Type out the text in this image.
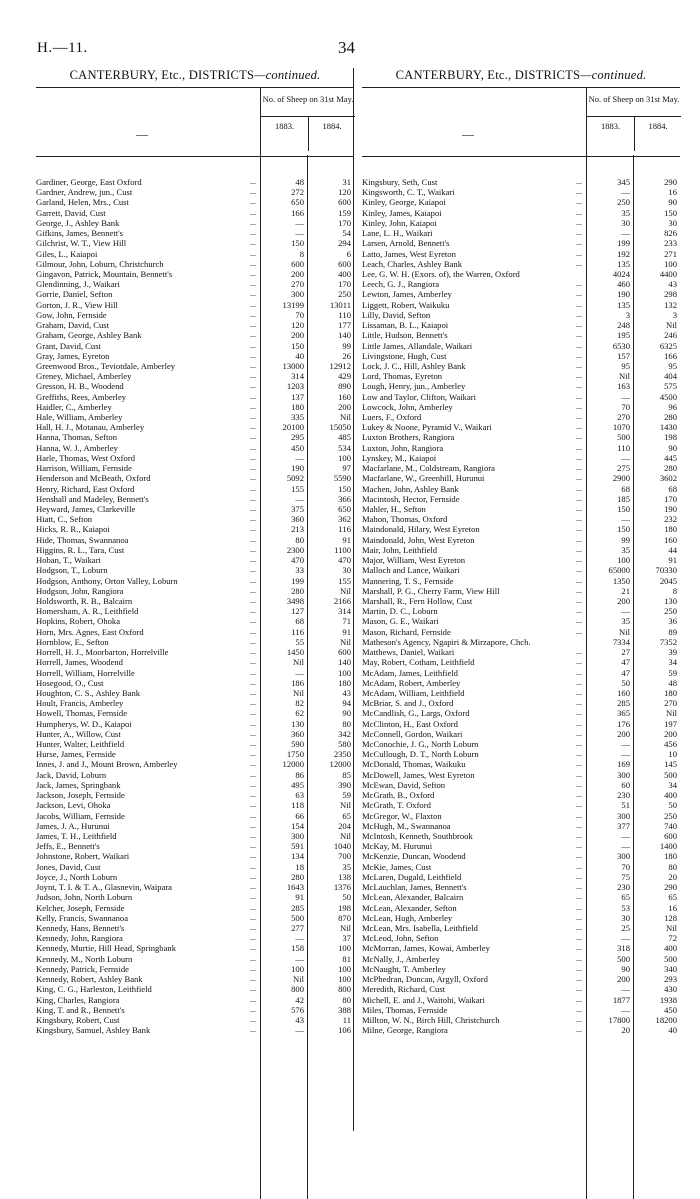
H.—11.	34
CANTERBURY, Etc., DISTRICTS—continued.
—
No. of Sheep on 31st May.
1883.	1884.
Gardiner, George, East Oxford	...	48	31
Gardner, Andrew, jun., Cust	...	272	120
Garland, Helen, Mrs., Cust	...	650	600
Garrett, David, Cust	...	166	159
George, J., Ashley Bank	...	—	170
Gifkins, James, Bennett's	...	—	54
Gilchrist, W. T., View Hill	...	150	294
Giles, L., Kaiapoi	...	8	6
Gilmour, John, Loburn, Christchurch	...	600	600
Gingavon, Patrick, Mountain, Bennett's	...	200	400
Glendinning, J., Waikari	...	270	170
Gorrie, Daniel, Sefton	...	300	250
Gorton, J. R., View Hill	...	13199	13011
Gow, John, Fernside	...	70	110
Graham, David, Cust	...	120	177
Graham, George, Ashley Bank	...	200	140
Grant, David, Cust	...	150	99
Gray, James, Eyreton	...	40	26
Greenwood Bros., Teviotdale, Amberley	...	13000	12912
Greney, Michael, Amberley	...	314	429
Gresson, H. B., Woodend	...	1203	890
Greffiths, Rees, Amberley	...	137	160
Haidler, C., Amberley	...	180	200
Hale, William, Amberley	...	335	Nil
Hall, H. J., Motanau, Amberley	...	20100	15050
Hanna, Thomas, Sefton	...	295	485
Hanna, W. J., Amberley	...	450	534
Harle, Thomas, West Oxford	...	—	100
Harrison, William, Fernside	...	190	97
Henderson and McBeath, Oxford	...	5092	5590
Henry, Richard, East Oxford	...	155	150
Henshall and Madeley, Bennett's	...	—	366
Heyward, James, Clarkeville	...	375	650
Hiatt, C., Sefton	...	360	362
Hicks, R. R., Kaiapoi	...	213	116
Hide, Thomas, Swannanoa	...	80	91
Higgins, R. L., Tara, Cust	...	2300	1100
Hoban, T., Waikari	...	470	470
Hodgson, T., Loburn	...	33	30
Hodgson, Anthony, Orton Valley, Loburn	...	199	155
Hodgson, John, Rangiora	...	280	Nil
Holdsworth, R. B., Balcairn	...	3498	2166
Homersham, A. R., Leithfield	...	127	314
Hopkins, Robert, Ohoka	...	68	71
Horn, Mrs. Agnes, East Oxford	...	116	91
Hornblow, E., Sefton	...	55	Nil
Horrell, H. J., Moorbarton, Horrelville	...	1450	600
Horrell, James, Woodend	...	Nil	140
Horrell, William, Horrelville	...	—	100
Hosegood, O., Cust	...	186	180
Houghton, C. S., Ashley Bank	...	Nil	43
Hoult, Francis, Amberley	...	82	94
Howell, Thomas, Fernside	...	62	90
Humpherys, W. D., Kaiapoi	...	130	80
Hunter, A., Willow, Cust	...	360	342
Hunter, Walter, Leithfield	...	590	580
Hurse, James, Fernside	...	1750	2350
Innes, J. and J., Mount Brown, Amberley	...	12000	12000
Jack, David, Loburn	...	86	85
Jack, James, Springbank	...	495	390
Jackson, Joseph, Fernside	...	63	59
Jackson, Levi, Ohoka	...	118	Nil
Jacobs, William, Fernside	...	66	65
James, J. A., Hurunui	...	154	204
James, T. H., Leithfield	...	300	Nil
Jeffs, E., Bennett's	...	591	1040
Johnstone, Robert, Waikari	...	134	700
Jones, David, Cust	...	18	35
Joyce, J., North Loburn	...	280	138
Joynt, T. I. & T. A., Glasnevin, Waipara	...	1643	1376
Judson, John, North Loburn	...	91	50
Kelcher, Joseph, Fernside	...	285	198
Kelly, Francis, Swannanoa	...	500	870
Kennedy, Hans, Bennett's	...	277	Nil
Kennedy, John, Rangiora	...	—	37
Kennedy, Murtie, Hill Head, Springbank	...	158	100
Kennedy, M., North Loburn	...	—	81
Kennedy, Patrick, Fernside	...	100	100
Kennedy, Robert, Ashley Bank	...	Nil	100
King, C. G., Harleston, Leithfield	...	800	800
King, Charles, Rangiora	...	42	80
King, T. and R., Bennett's	...	576	388
Kingsbury, Robert, Cust	...	43	11
Kingsbury, Samuel, Ashley Bank	...	—	106
CANTERBURY, Etc., DISTRICTS—continued.
—
No. of Sheep on 31st May.
1883.	1884.
Kingsbury, Seth, Cust	...	345	290
Kingsworth, C. T., Waikari	...	—	16
Kinley, George, Kaiapoi	...	250	90
Kinley, James, Kaiapoi	...	35	150
Kinley, John, Kaiapoi	...	30	30
Lane, L. H., Waikari	...	—	826
Larsen, Arnold, Bennett's	...	199	233
Latto, James, West Eyreton	...	192	271
Leach, Charles, Ashley Bank	...	135	100
Lee, G. W. H. (Exors. of), the Warren, Oxford	4024	4400
Leech, G. J., Rangiora	...	460	43
Lewton, James, Amberley	...	190	298
Liggett, Robert, Waikuku	...	135	132
Lilly, David, Sefton	...	3	3
Lissaman, B. L., Kaiapoi	...	248	Nil
Little, Hudson, Bennett's	...	195	246
Little James, Allandale, Waikari	...	6530	6325
Livingstone, Hugh, Cust	...	157	166
Lock, J. C., Hill, Ashley Bank	...	95	95
Lord, Thomas, Eyreton	...	Nil	404
Lough, Henry, jun., Amberley	...	163	575
Low and Taylor, Clifton, Waikari	...	—	4500
Lowcock, John, Amberley	...	70	96
Luers, F., Oxford	...	270	280
Lukey & Noone, Pyramid V., Waikari	...	1070	1430
Luxton Brothers, Rangiora	...	500	198
Luxton, John, Rangiora	...	110	90
Lynskey, M., Kaiapoi	...	—	445
Macfarlane, M., Coldstream, Rangiora	...	275	280
Macfarlane, W., Greenhill, Hurunui	...	2900	3602
Machen, John, Ashley Bank	...	68	68
Macintosh, Hector, Fernside	...	185	170
Mahler, H., Sefton	...	150	190
Mahon, Thomas, Oxford	...	—	232
Maindonald, Hilary, West Eyreton	...	150	180
Maindonald, John, West Eyreton	...	99	160
Mair, John, Leithfield	...	35	44
Major, William, West Eyreton	...	100	91
Malloch and Lance, Waikari	...	65000	70330
Mannering, T. S., Fernside	...	1350	2045
Marshall, P. G., Cherry Farm, View Hill	...	21	8
Marshall, R., Fern Hollow, Cust	...	200	130
Martin, D. C., Loburn	...	—	250
Mason, G. E., Waikari	...	35	36
Mason, Richard, Fernside	...	Nil	89
Matheson's Agency, Ngapiri & Mirzapore, Chch.	7334	7352
Matthews, Daniel, Waikari	...	27	39
May, Robert, Cotham, Leithfield	...	47	34
McAdam, James, Leithfield	...	47	59
McAdam, Robert, Amberley	...	50	48
McAdam, William, Leithfield	...	160	180
McBriar, S. and J., Oxford	...	285	270
McCandlish, G., Largs, Oxford	...	365	Nil
McClinton, H., East Oxford	...	176	197
McConnell, Gordon, Waikari	...	200	200
McConochie, J. G., North Loburn	...	—	456
McCullough, D. T., North Loburn	...	—	10
McDonald, Thomas, Waikuku	...	169	145
McDowell, James, West Eyreton	...	300	500
McEwan, David, Sefton	...	60	34
McGrath, B., Oxford	...	230	400
McGrath, T. Oxford	...	51	50
McGregor, W., Flaxton	...	300	250
McHugh, M., Swannanoa	...	377	740
McIntosh, Kenneth, Southbrook	...	—	600
McKay, M. Hurunui	...	—	1400
McKenzie, Duncan, Woodend	...	300	180
McKie, James, Cust	...	70	80
McLaren, Dugald, Leithfield	...	75	20
McLauchlan, James, Bennett's	...	230	290
McLean, Alexander, Balcairn	...	65	65
McLean, Alexander, Sefton	...	53	16
McLean, Hugh, Amberley	...	30	128
McLean, Mrs. Isabella, Leithfield	...	25	Nil
McLeod, John, Sefton	...	—	72
McMorran, James, Kowai, Amberley	...	318	400
McNally, J., Amberley	...	500	500
McNaught, T. Amberley	...	90	340
McPhedran, Duncan, Argyll, Oxford	...	200	293
Meredith, Richard, Cust	...	—	430
Michell, E. and J., Waitohi, Waikari	...	1877	1938
Miles, Thomas, Fernside	...	—	450
Millton, W. N., Birch Hill, Christchurch	...	17800	18200
Milne, George, Rangiora	...	20	40
